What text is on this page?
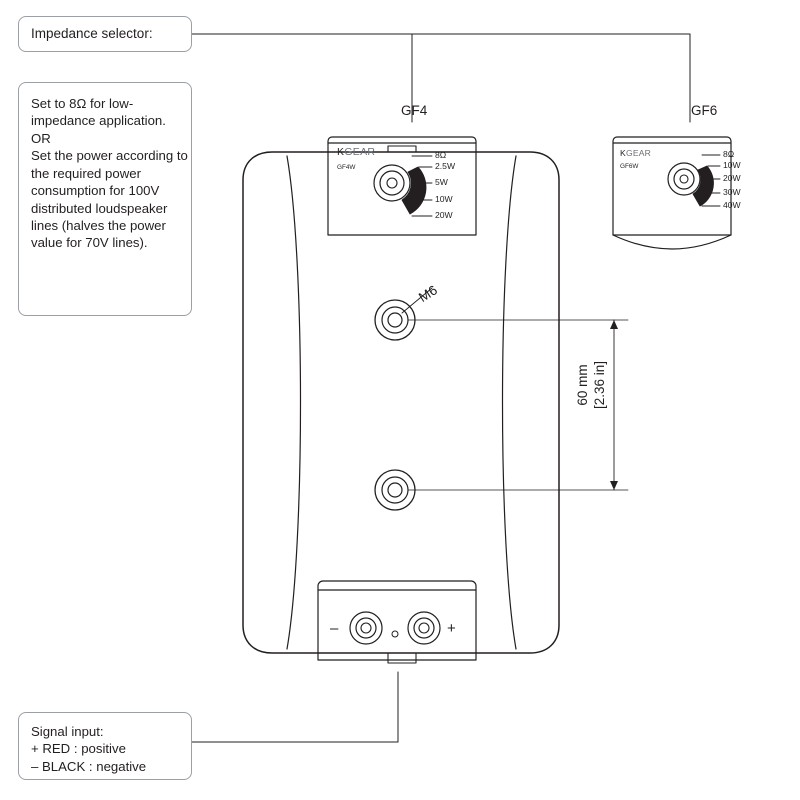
Impedance selector:
Set to 8Ω for low-impedance application.
OR
Set the power according to the required power consumption for 100V distributed loudspeaker lines (halves the power value for 70V lines).
Signal input:
+ RED : positive
– BLACK : negative
GF4	GF6
KGEAR
GF4W
8Ω
2.5W
5W
10W
20W
KGEAR
GF6W
8Ω
10W
20W
30W
40W
M6
60 mm [2.36 in]
–	+
